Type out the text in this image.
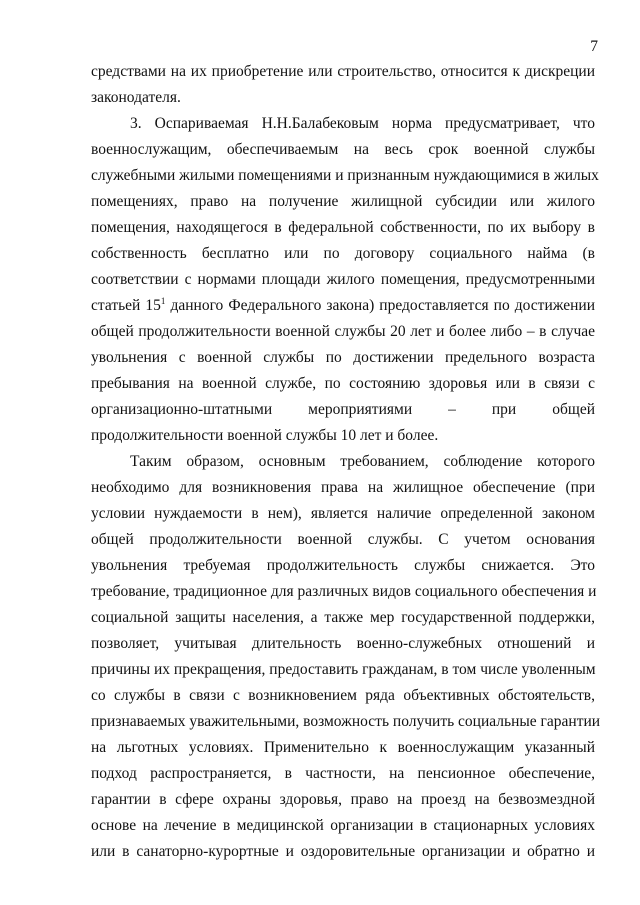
7
средствами на их приобретение или строительство, относится к дискреции
законодателя.
3. Оспариваемая Н.Н.Балабековым норма предусматривает, что
военнослужащим, обеспечиваемым на весь срок военной службы
служебными жилыми помещениями и признанным нуждающимися в жилых
помещениях, право на получение жилищной субсидии или жилого
помещения, находящегося в федеральной собственности, по их выбору в
собственность бесплатно или по договору социального найма (в
соответствии с нормами площади жилого помещения, предусмотренными
статьей $15^1$ данного Федерального закона) предоставляется по достижении
общей продолжительности военной службы 20 лет и более либо – в случае
увольнения с военной службы по достижении предельного возраста
пребывания на военной службе, по состоянию здоровья или в связи с
организационно-штатными мероприятиями – при общей
продолжительности военной службы 10 лет и более.
Таким образом, основным требованием, соблюдение которого
необходимо для возникновения права на жилищное обеспечение (при
условии нуждаемости в нем), является наличие определенной законом
общей продолжительности военной службы. С учетом основания
увольнения требуемая продолжительность службы снижается. Это
требование, традиционное для различных видов социального обеспечения и
социальной защиты населения, а также мер государственной поддержки,
позволяет, учитывая длительность военно-служебных отношений и
причины их прекращения, предоставить гражданам, в том числе уволенным
со службы в связи с возникновением ряда объективных обстоятельств,
признаваемых уважительными, возможность получить социальные гарантии
на льготных условиях. Применительно к военнослужащим указанный
подход распространяется, в частности, на пенсионное обеспечение,
гарантии в сфере охраны здоровья, право на проезд на безвозмездной
основе на лечение в медицинской организации в стационарных условиях
или в санаторно-курортные и оздоровительные организации и обратно и
